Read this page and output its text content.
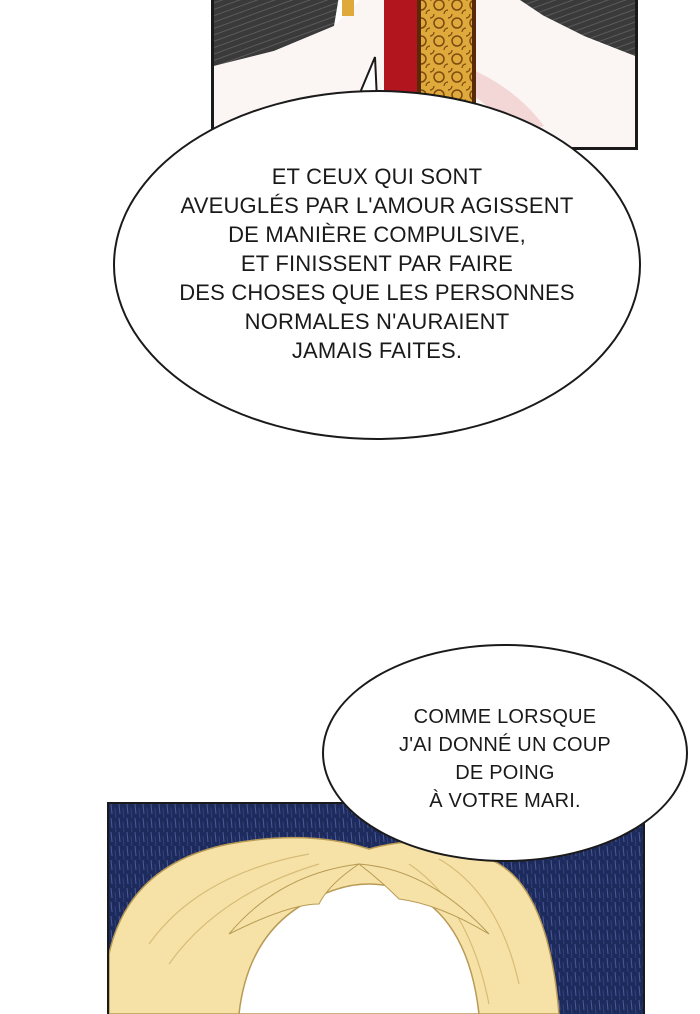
ET CEUX QUI SONT
AVEUGLÉS PAR L'AMOUR AGISSENT
DE MANIÈRE COMPULSIVE,
ET FINISSENT PAR FAIRE
DES CHOSES QUE LES PERSONNES
NORMALES N'AURAIENT
JAMAIS FAITES.
COMME LORSQUE
J'AI DONNÉ UN COUP
DE POING
À VOTRE MARI.
